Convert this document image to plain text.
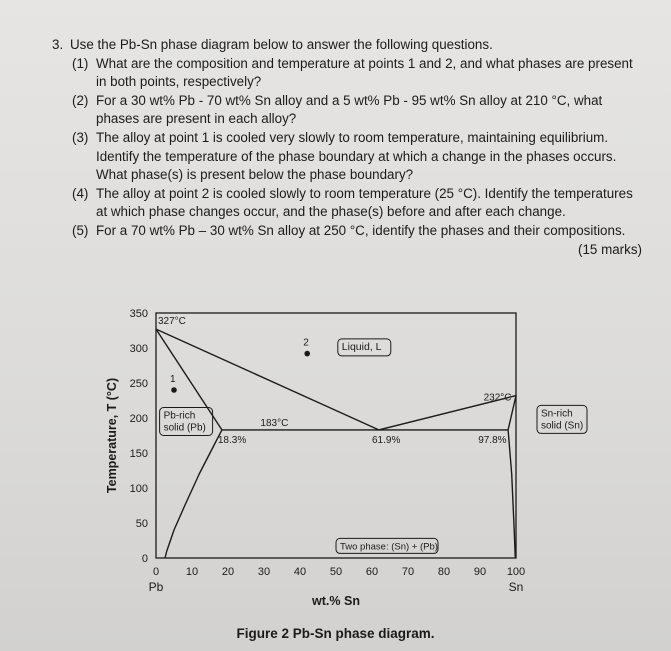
3. Use the Pb-Sn phase diagram below to answer the following questions.
(1) What are the composition and temperature at points 1 and 2, and what phases are present in both points, respectively?
(2) For a 30 wt% Pb - 70 wt% Sn alloy and a 5 wt% Pb - 95 wt% Sn alloy at 210 °C, what phases are present in each alloy?
(3) The alloy at point 1 is cooled very slowly to room temperature, maintaining equilibrium. Identify the temperature of the phase boundary at which a change in the phases occurs. What phase(s) is present below the phase boundary?
(4) The alloy at point 2 is cooled slowly to room temperature (25 °C). Identify the temperatures at which phase changes occur, and the phase(s) before and after each change.
(5) For a 70 wt% Pb – 30 wt% Sn alloy at 250 °C, identify the phases and their compositions.
(15 marks)
0
50
100
150
200
250
300
350
0 10 20 30 40 50 60 70 80 90 100
Pb	Sn
wt.% Sn
Temperature, T (°C)	1
2
327°C
183°C
232°C
18.3%	61.9%	97.8%
Liquid, L
Pb-rich
solid (Pb)
Sn-rich
solid (Sn)
Two phase: (Sn) + (Pb)
Figure 2 Pb-Sn phase diagram.
